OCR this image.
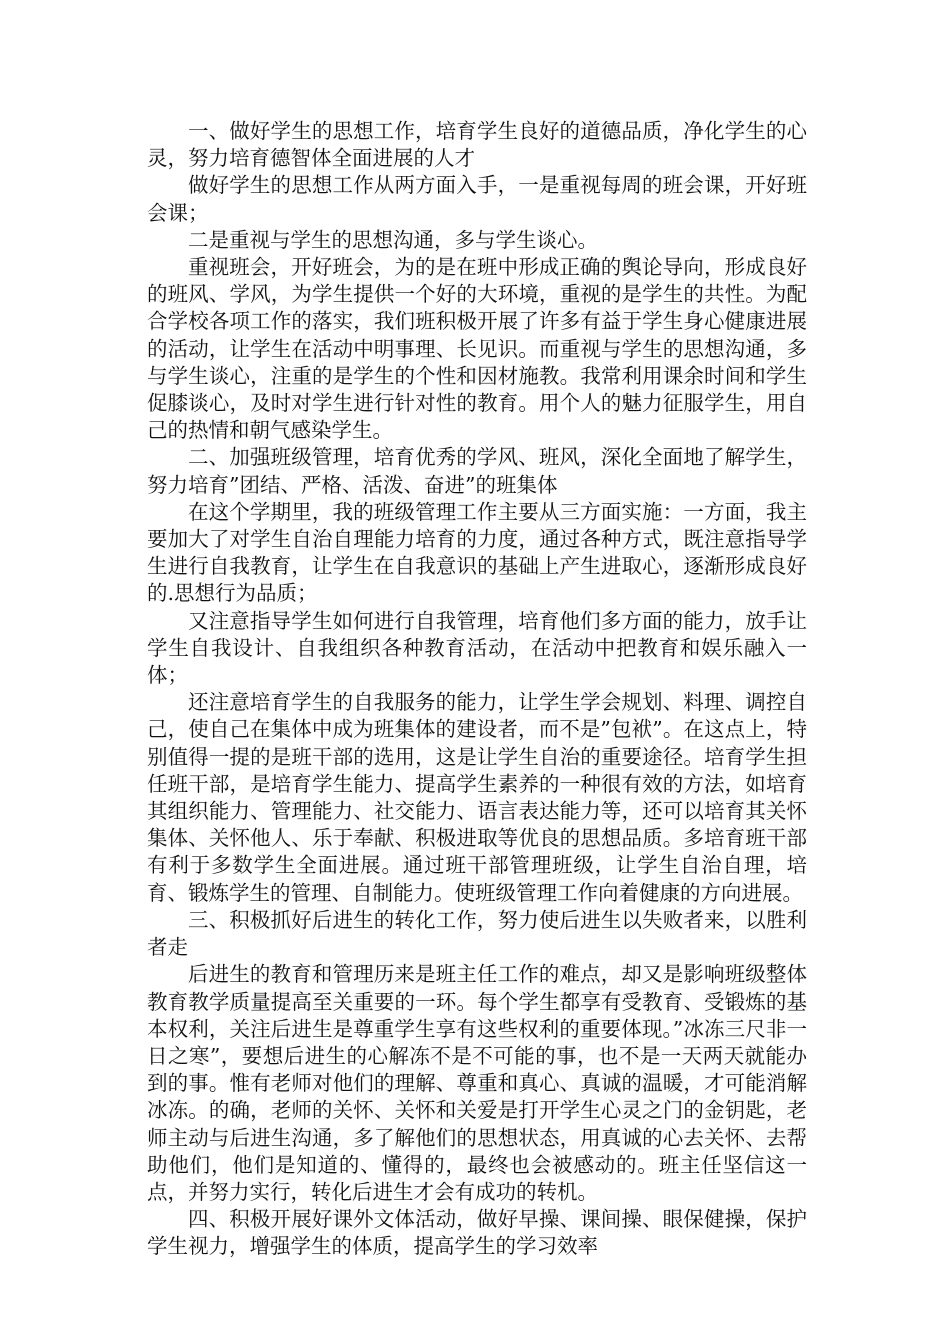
一、做好学生的思想工作，培育学生良好的道德品质，净化学生的心灵，努力培育德智体全面进展的人才

做好学生的思想工作从两方面入手，一是重视每周的班会课，开好班会课；

二是重视与学生的思想沟通，多与学生谈心。

重视班会，开好班会，为的是在班中形成正确的舆论导向，形成良好的班风、学风，为学生提供一个好的大环境，重视的是学生的共性。为配合学校各项工作的落实，我们班积极开展了许多有益于学生身心健康进展的活动，让学生在活动中明事理、长见识。而重视与学生的思想沟通，多与学生谈心，注重的是学生的个性和因材施教。我常利用课余时间和学生促膝谈心，及时对学生进行针对性的教育。用个人的魅力征服学生，用自己的热情和朝气感染学生。

二、加强班级管理，培育优秀的学风、班风，深化全面地了解学生，努力培育”团结、严格、活泼、奋进”的班集体

在这个学期里，我的班级管理工作主要从三方面实施：一方面，我主要加大了对学生自治自理能力培育的力度，通过各种方式，既注意指导学生进行自我教育，让学生在自我意识的基础上产生进取心，逐渐形成良好的.思想行为品质；

又注意指导学生如何进行自我管理，培育他们多方面的能力，放手让学生自我设计、自我组织各种教育活动，在活动中把教育和娱乐融入一体；

还注意培育学生的自我服务的能力，让学生学会规划、料理、调控自己，使自己在集体中成为班集体的建设者，而不是”包袱”。在这点上，特别值得一提的是班干部的选用，这是让学生自治的重要途径。培育学生担任班干部，是培育学生能力、提高学生素养的一种很有效的方法，如培育其组织能力、管理能力、社交能力、语言表达能力等，还可以培育其关怀集体、关怀他人、乐于奉献、积极进取等优良的思想品质。多培育班干部有利于多数学生全面进展。通过班干部管理班级，让学生自治自理，培育、锻炼学生的管理、自制能力。使班级管理工作向着健康的方向进展。

三、积极抓好后进生的转化工作，努力使后进生以失败者来，以胜利者走

后进生的教育和管理历来是班主任工作的难点，却又是影响班级整体教育教学质量提高至关重要的一环。每个学生都享有受教育、受锻炼的基本权利，关注后进生是尊重学生享有这些权利的重要体现。”冰冻三尺非一日之寒”，要想后进生的心解冻不是不可能的事，也不是一天两天就能办到的事。惟有老师对他们的理解、尊重和真心、真诚的温暖，才可能消解冰冻。的确，老师的关怀、关怀和关爱是打开学生心灵之门的金钥匙，老师主动与后进生沟通，多了解他们的思想状态，用真诚的心去关怀、去帮助他们，他们是知道的、懂得的，最终也会被感动的。班主任坚信这一点，并努力实行，转化后进生才会有成功的转机。

四、积极开展好课外文体活动，做好早操、课间操、眼保健操，保护学生视力，增强学生的体质，提高学生的学习效率
